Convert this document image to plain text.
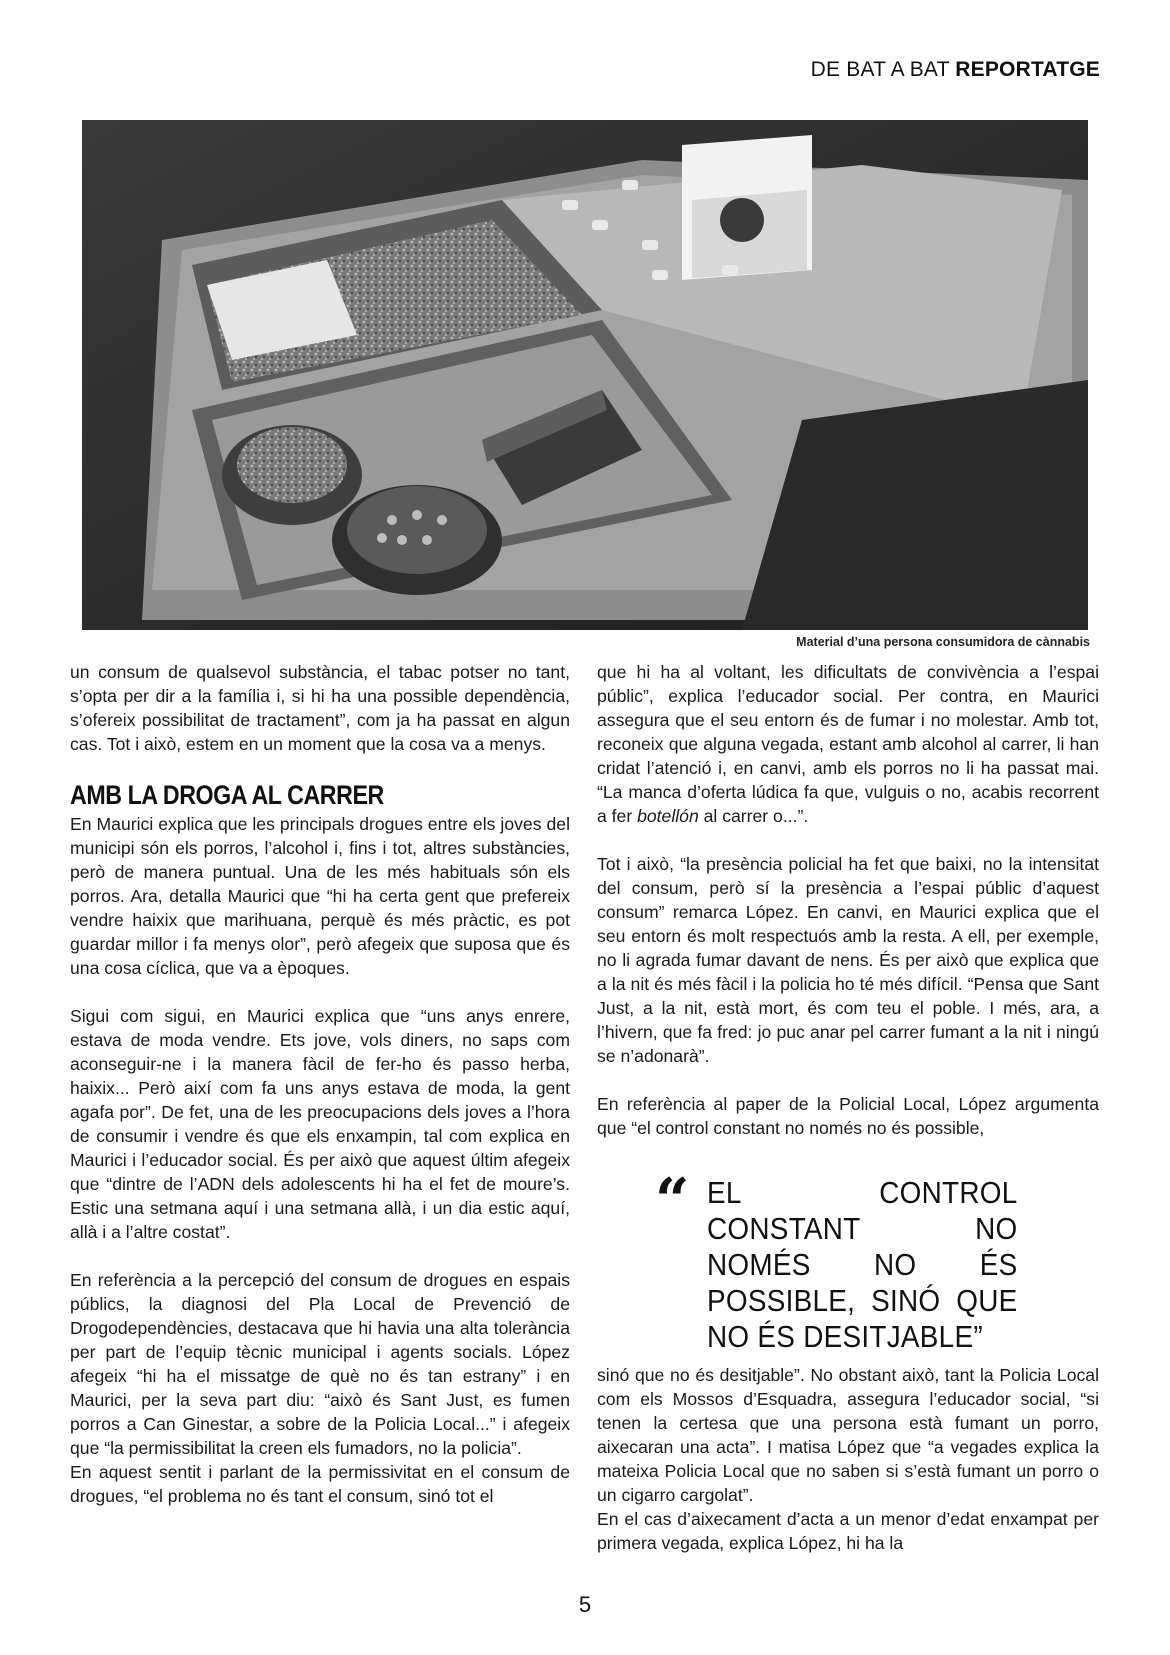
DE BAT A BAT REPORTATGE
Material d’una persona consumidora de cànnabis

un consum de qualsevol substància, el tabac potser no tant, s’opta per dir a la família i, si hi ha una possible dependència, s’ofereix possibilitat de tractament”, com ja ha passat en algun cas. Tot i això, estem en un moment que la cosa va a menys.

AMB LA DROGA AL CARRER

En Maurici explica que les principals drogues entre els joves del municipi són els porros, l’alcohol i, fins i tot, altres substàncies, però de manera puntual. Una de les més habituals són els porros. Ara, detalla Maurici que “hi ha certa gent que prefereix vendre haixix que marihuana, perquè és més pràctic, es pot guardar millor i fa menys olor”, però afegeix que suposa que és una cosa cíclica, que va a èpoques.

Sigui com sigui, en Maurici explica que “uns anys enrere, estava de moda vendre. Ets jove, vols diners, no saps com aconseguir-ne i la manera fàcil de fer-ho és passo herba, haixix... Però així com fa uns anys estava de moda, la gent agafa por”. De fet, una de les preocupacions dels joves a l’hora de consumir i vendre és que els enxampin, tal com explica en Maurici i l’educador social. És per això que aquest últim afegeix que “dintre de l’ADN dels adolescents hi ha el fet de moure’s. Estic una setmana aquí i una setmana allà, i un dia estic aquí, allà i a l’altre costat”.

En referència a la percepció del consum de drogues en espais públics, la diagnosi del Pla Local de Prevenció de Drogodependències, destacava que hi havia una alta tolerància per part de l’equip tècnic municipal i agents socials. López afegeix “hi ha el missatge de què no és tan estrany” i en Maurici, per la seva part diu: “això és Sant Just, es fumen porros a Can Ginestar, a sobre de la Policia Local...” i afegeix que “la permissibilitat la creen els fumadors, no la policia”.

En aquest sentit i parlant de la permissivitat en el consum de drogues, “el problema no és tant el consum, sinó tot el

que hi ha al voltant, les dificultats de convivència a l’espai públic”, explica l’educador social. Per contra, en Maurici assegura que el seu entorn és de fumar i no molestar. Amb tot, reconeix que alguna vegada, estant amb alcohol al carrer, li han cridat l’atenció i, en canvi, amb els porros no li ha passat mai. “La manca d’oferta lúdica fa que, vulguis o no, acabis recorrent a fer botellón al carrer o...”.

Tot i això, “la presència policial ha fet que baixi, no la intensitat del consum, però sí la presència a l’espai públic d’aquest consum” remarca López. En canvi, en Maurici explica que el seu entorn és molt respectuós amb la resta. A ell, per exemple, no li agrada fumar davant de nens. És per això que explica que a la nit és més fàcil i la policia ho té més difícil. “Pensa que Sant Just, a la nit, està mort, és com teu el poble. I més, ara, a l’hivern, que fa fred: jo puc anar pel carrer fumant a la nit i ningú se n’adonarà”.

En referència al paper de la Policial Local, López argumenta que “el control constant no només no és possible,

“ EL CONTROL CONSTANT NO NOMÉS NO ÉS POSSIBLE, SINÓ QUE NO ÉS DESITJABLE”

sinó que no és desitjable”. No obstant això, tant la Policia Local com els Mossos d’Esquadra, assegura l’educador social, “si tenen la certesa que una persona està fumant un porro, aixecaran una acta”. I matisa López que “a vegades explica la mateixa Policia Local que no saben si s’està fumant un porro o un cigarro cargolat”.

En el cas d’aixecament d’acta a un menor d’edat enxampat per primera vegada, explica López, hi ha la

5
